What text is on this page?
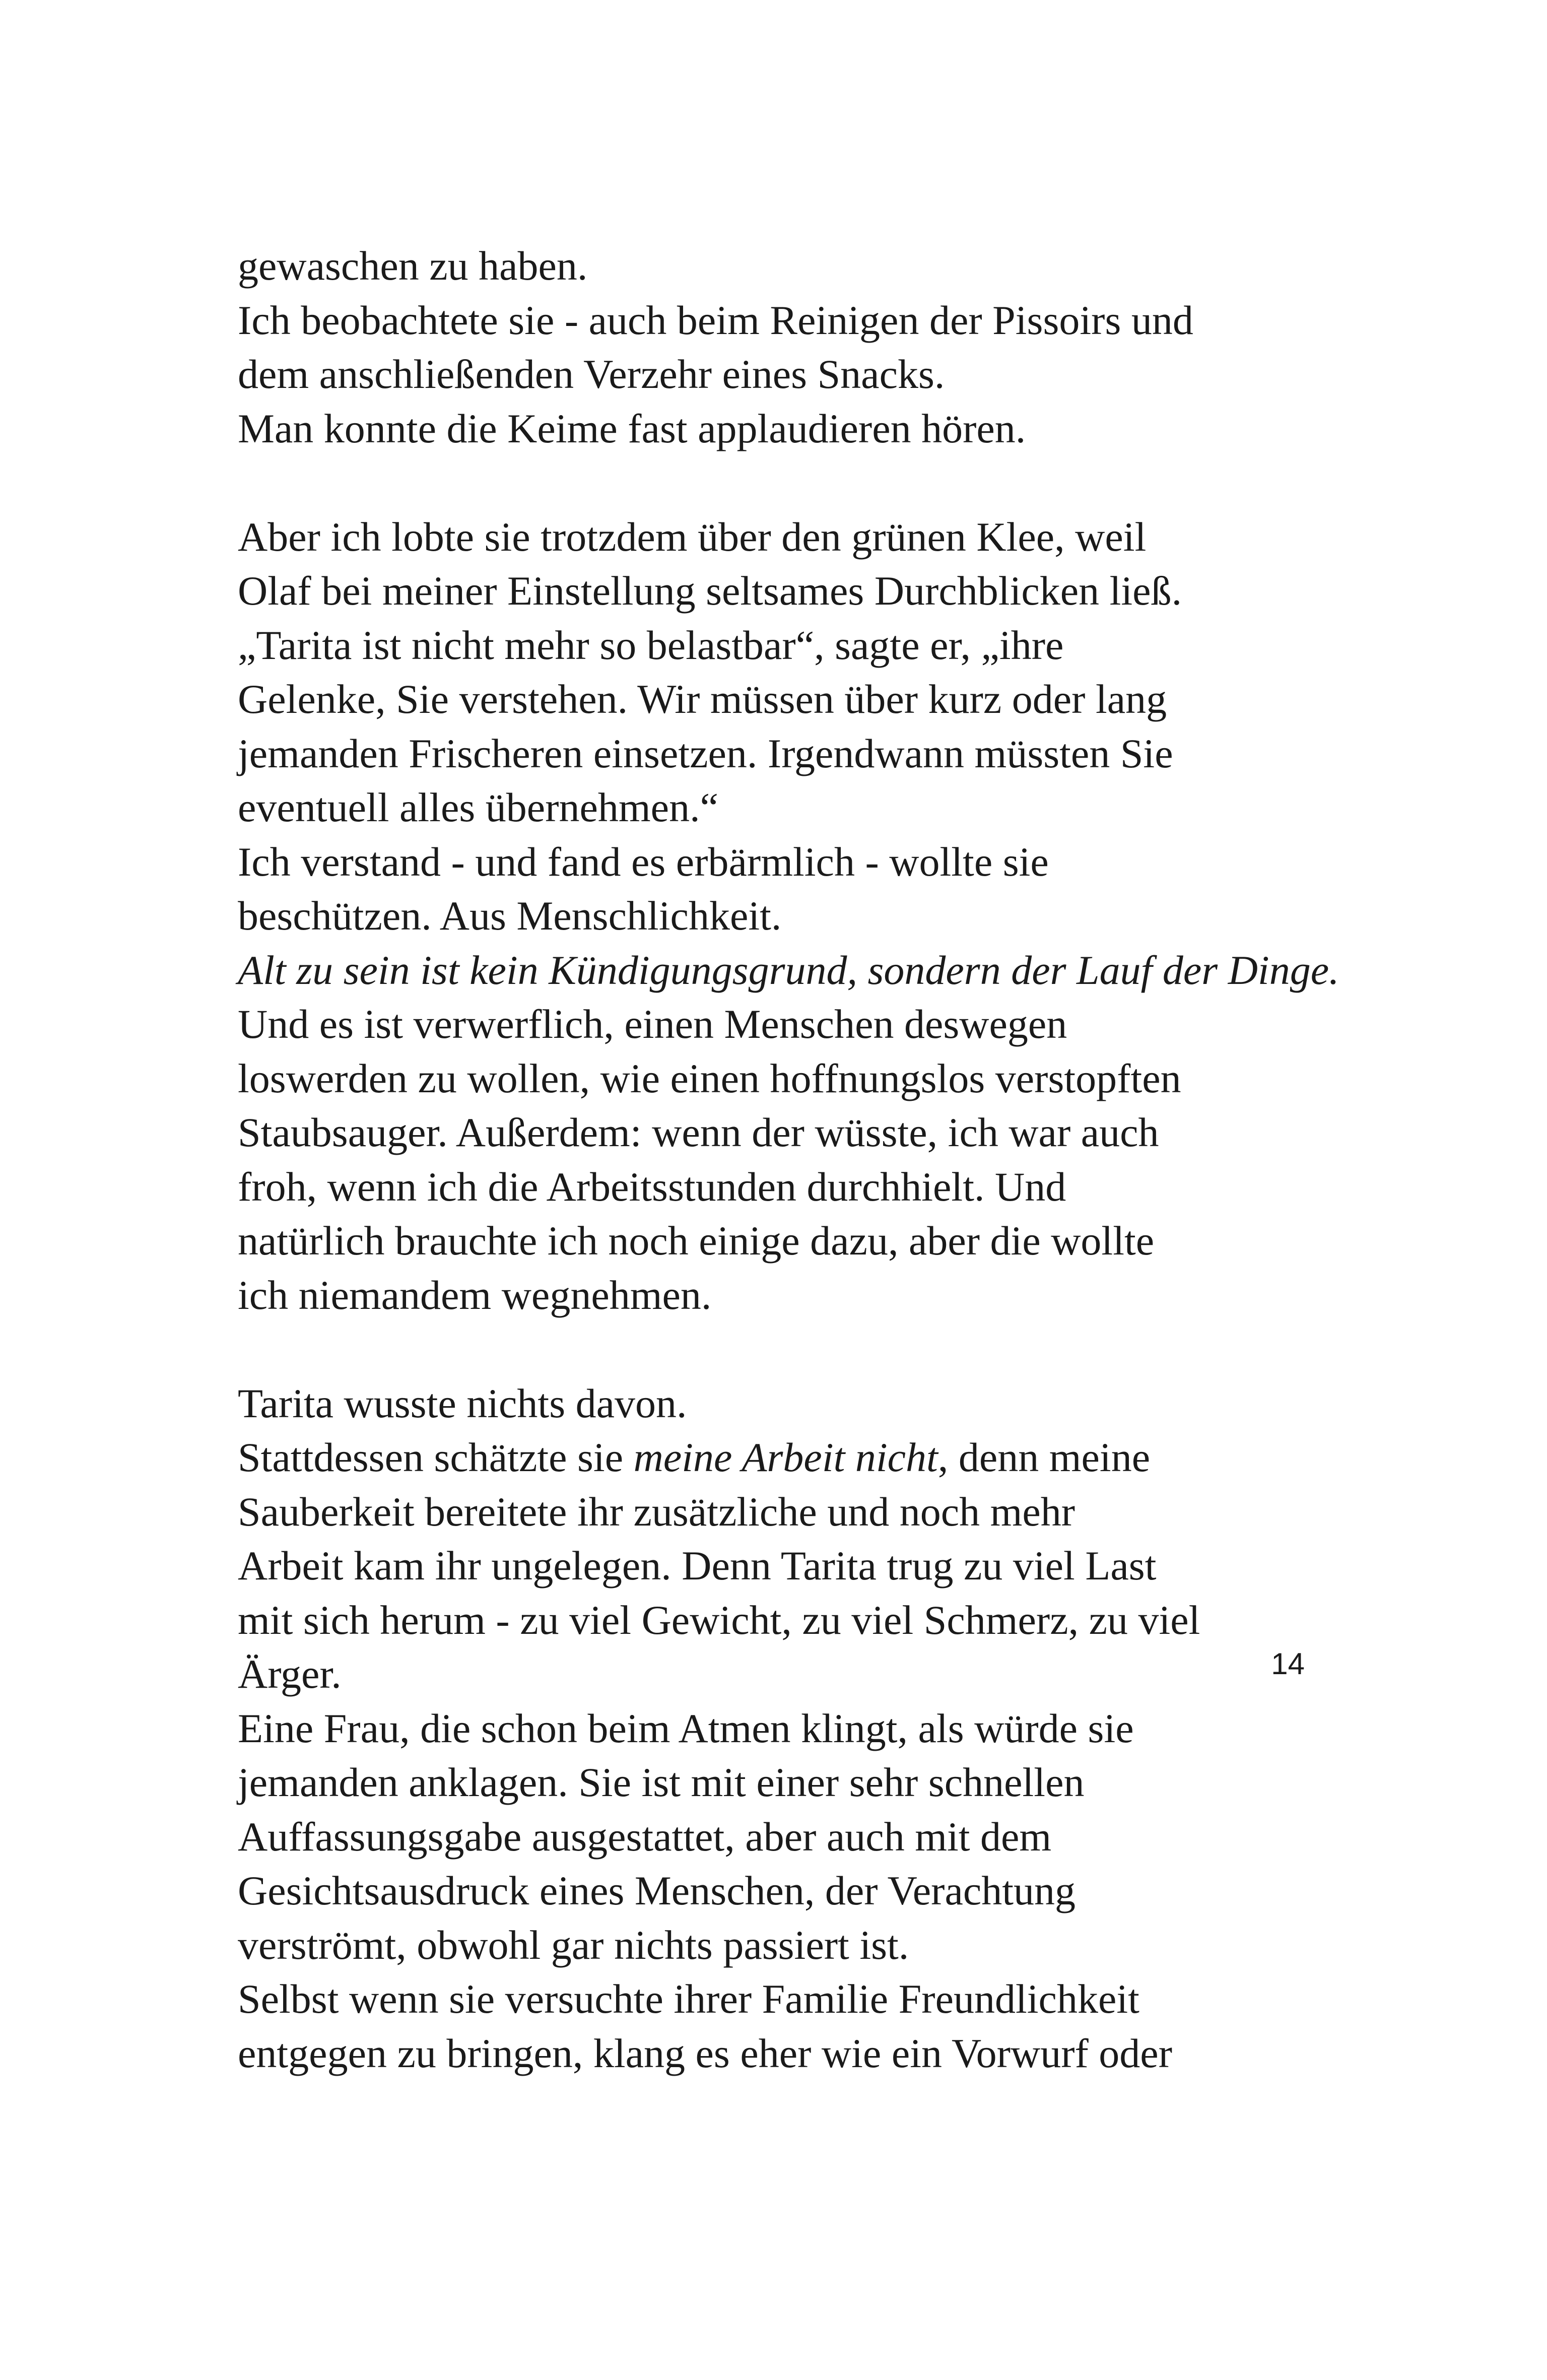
gewaschen zu haben.
Ich beobachtete sie - auch beim Reinigen der Pissoirs und
dem anschließenden Verzehr eines Snacks.
Man konnte die Keime fast applaudieren hören.
Aber ich lobte sie trotzdem über den grünen Klee, weil
Olaf bei meiner Einstellung seltsames Durchblicken ließ.
„Tarita ist nicht mehr so belastbar“, sagte er, „ihre
Gelenke, Sie verstehen. Wir müssen über kurz oder lang
jemanden Frischeren einsetzen. Irgendwann müssten Sie
eventuell alles übernehmen.“
Ich verstand - und fand es erbärmlich - wollte sie
beschützen. Aus Menschlichkeit.
Alt zu sein ist kein Kündigungsgrund, sondern der Lauf der Dinge.
Und es ist verwerflich, einen Menschen deswegen
loswerden zu wollen, wie einen hoffnungslos verstopften
Staubsauger. Außerdem: wenn der wüsste, ich war auch
froh, wenn ich die Arbeitsstunden durchhielt. Und
natürlich brauchte ich noch einige dazu, aber die wollte
ich niemandem wegnehmen.
Tarita wusste nichts davon.
Stattdessen schätzte sie meine Arbeit nicht, denn meine
Sauberkeit bereitete ihr zusätzliche und noch mehr
Arbeit kam ihr ungelegen. Denn Tarita trug zu viel Last
mit sich herum - zu viel Gewicht, zu viel Schmerz, zu viel
Ärger.
Eine Frau, die schon beim Atmen klingt, als würde sie
jemanden anklagen. Sie ist mit einer sehr schnellen
Auffassungsgabe ausgestattet, aber auch mit dem
Gesichtsausdruck eines Menschen, der Verachtung
verströmt, obwohl gar nichts passiert ist.
Selbst wenn sie versuchte ihrer Familie Freundlichkeit
entgegen zu bringen, klang es eher wie ein Vorwurf oder
14
